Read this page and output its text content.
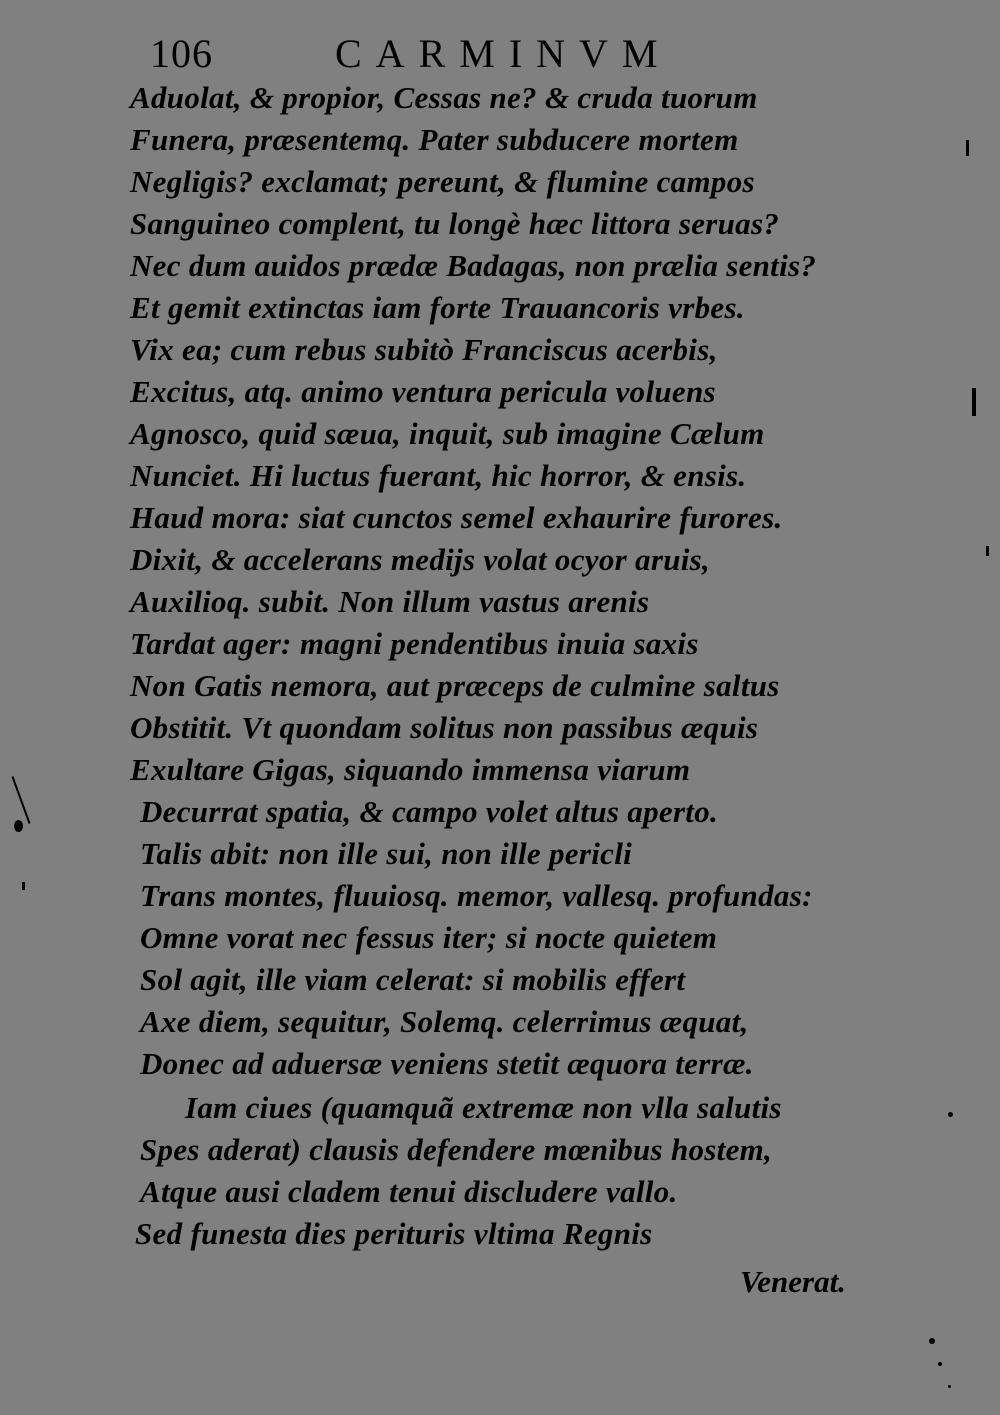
106	CARMINVM
Aduolat, & propior, Cessas ne? & cruda tuorum
Funera, præsentemq. Pater subducere mortem
Negligis? exclamat; pereunt, & flumine campos
Sanguineo complent, tu longè hæc littora seruas?
Nec dum auidos prædæ Badagas, non prælia sentis?
Et gemit extinctas iam forte Trauancoris vrbes.
Vix ea; cum rebus subitò Franciscus acerbis,
Excitus, atq. animo ventura pericula voluens
Agnosco, quid sæua, inquit, sub imagine Cælum
Nunciet. Hi luctus fuerant, hic horror, & ensis.
Haud mora: siat cunctos semel exhaurire furores.
Dixit, & accelerans medijs volat ocyor aruis,
Auxilioq. subit. Non illum vastus arenis
Tardat ager: magni pendentibus inuia saxis
Non Gatis nemora, aut præceps de culmine saltus
Obstitit. Vt quondam solitus non passibus æquis
Exultare Gigas, siquando immensa viarum
Decurrat spatia, & campo volet altus aperto.
Talis abit: non ille sui, non ille pericli
Trans montes, fluuiosq. memor, vallesq. profundas:
Omne vorat nec fessus iter; si nocte quietem
Sol agit, ille viam celerat: si mobilis effert
Axe diem, sequitur, Solemq. celerrimus æquat,
Donec ad aduersæ veniens stetit æquora terræ.
Iam ciues (quamquã extremæ non vlla salutis
Spes aderat) clausis defendere mœnibus hostem,
Atque ausi cladem tenui discludere vallo.
Sed funesta dies perituris vltima Regnis
Venerat.
